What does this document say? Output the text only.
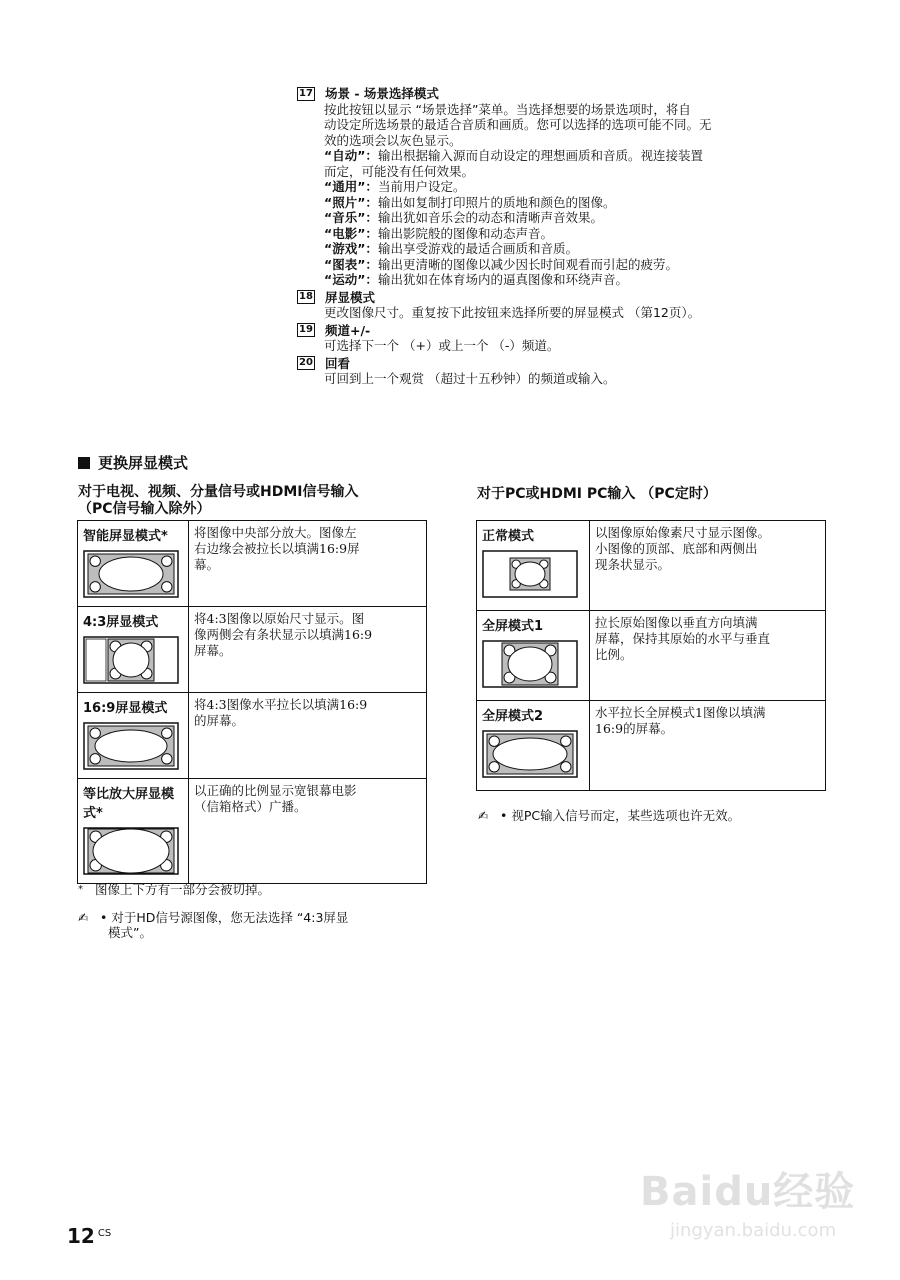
17 场景 - 场景选择模式
按此按钮以显示 “场景选择”菜单。当选择想要的场景选项时，将自
动设定所选场景的最适合音质和画质。您可以选择的选项可能不同。无
效的选项会以灰色显示。
“自动”：输出根据输入源而自动设定的理想画质和音质。视连接装置
而定，可能没有任何效果。
“通用”：当前用户设定。
“照片”：输出如复制打印照片的质地和颜色的图像。
“音乐”：输出犹如音乐会的动态和清晰声音效果。
“电影”：输出影院般的图像和动态声音。
“游戏”：输出享受游戏的最适合画质和音质。
“图表”：输出更清晰的图像以减少因长时间观看而引起的疲劳。
“运动”：输出犹如在体育场内的逼真图像和环绕声音。
18 屏显模式
更改图像尺寸。重复按下此按钮来选择所要的屏显模式 （第12页）。
19 频道+/-
可选择下一个 （+）或上一个 （-）频道。
20 回看
可回到上一个观赏 （超过十五秒钟）的频道或输入。
更换屏显模式
对于电视、视频、分量信号或HDMI信号输入
（PC信号输入除外）
智能屏显模式*	将图像中央部分放大。图像左
右边缘会被拉长以填满16:9屏
幕。

4:3屏显模式	将4:3图像以原始尺寸显示。图
像两侧会有条状显示以填满16:9
屏幕。

16:9屏显模式	将4:3图像水平拉长以填满16:9
的屏幕。

等比放大屏显模式*	以正确的比例显示宽银幕电影
（信箱格式）广播。
* 图像上下方有一部分会被切掉。
✍ • 对于HD信号源图像，您无法选择 “4:3屏显
模式”。
对于PC或HDMI PC输入 （PC定时）
正常模式	以图像原始像素尺寸显示图像。
小图像的顶部、底部和两侧出
现条状显示。

全屏模式1	拉长原始图像以垂直方向填满
屏幕，保持其原始的水平与垂直
比例。

全屏模式2	水平拉长全屏模式1图像以填满
16:9的屏幕。
✍ • 视PC输入信号而定，某些选项也许无效。
12 $^{CS}$
Baidu经验
jingyan.baidu.com
